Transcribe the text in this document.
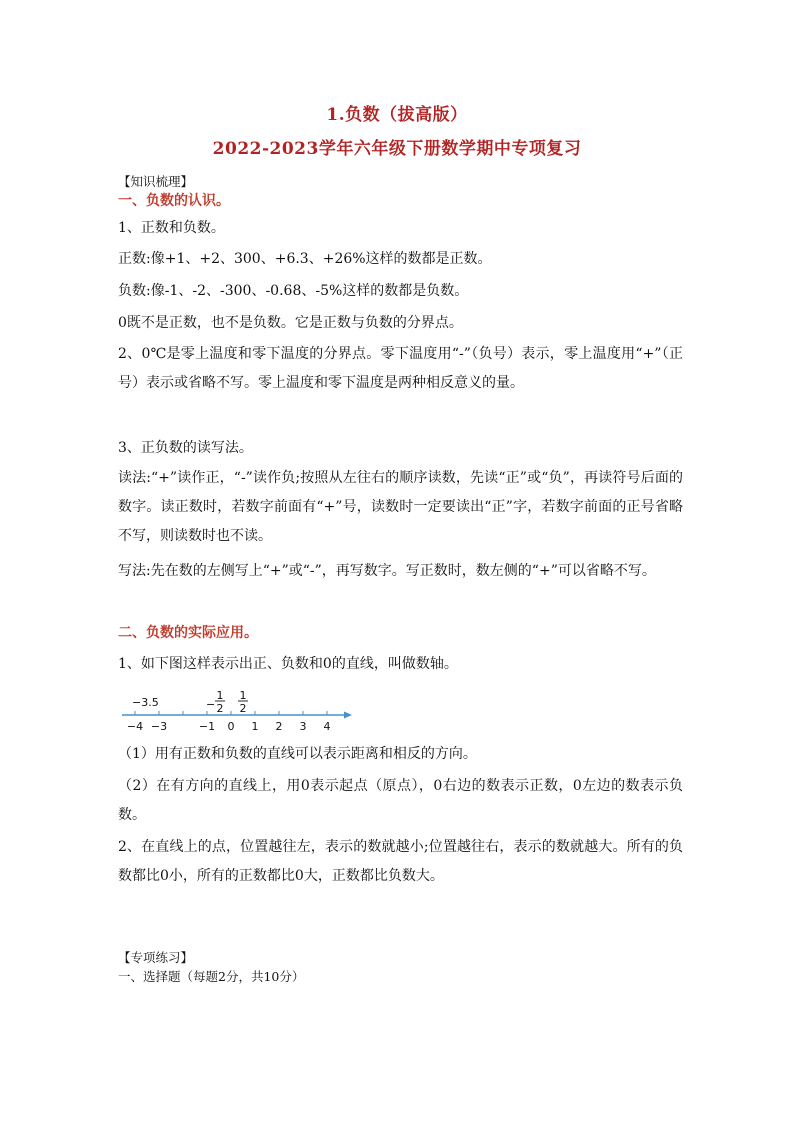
1.负数（拔高版）
2022-2023学年六年级下册数学期中专项复习
【知识梳理】
一、负数的认识。
1、正数和负数。
正数:像+1、+2、300、+6.3、+26%这样的数都是正数。
负数:像-1、-2、-300、-0.68、-5%这样的数都是负数。
0既不是正数，也不是负数。它是正数与负数的分界点。
2、0℃是零上温度和零下温度的分界点。零下温度用“-”（负号）表示，零上温度用“+”（正号）表示或省略不写。零上温度和零下温度是两种相反意义的量。
3、正负数的读写法。
读法:“+”读作正，“-”读作负;按照从左往右的顺序读数，先读“正”或“负”，再读符号后面的数字。读正数时，若数字前面有“+”号，读数时一定要读出“正”字，若数字前面的正号省略不写，则读数时也不读。
写法:先在数的左侧写上“+”或“-”，再写数字。写正数时，数左侧的“+”可以省略不写。
二、负数的实际应用。
1、如下图这样表示出正、负数和0的直线，叫做数轴。
−3.5	−
1
2
1
2
−4 −3	−1 0 1 2 3 4
（1）用有正数和负数的直线可以表示距离和相反的方向。
（2）在有方向的直线上，用0表示起点（原点），0右边的数表示正数，0左边的数表示负数。
2、在直线上的点，位置越往左，表示的数就越小;位置越往右，表示的数就越大。所有的负数都比0小，所有的正数都比0大，正数都比负数大。
【专项练习】
一、选择题（每题2分，共10分）
